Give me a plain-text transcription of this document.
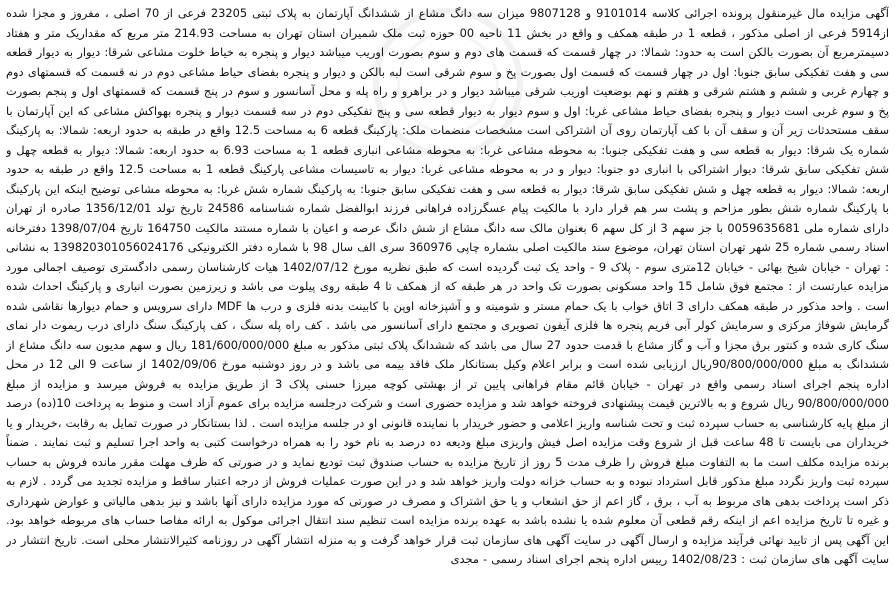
آگهی مزایده مال غیرمنقول پرونده اجرائی کلاسه 9101014 و 9807128 میزان سه دانگ مشاع از ششدانگ آپارتمان به پلاک ثبتی 23205 فرعی از 70 اصلی ، مفروز و مجزا شده از5914 فرعی از اصلی مذکور ، قطعه 1 در طبقه همکف و واقع در بخش 11 ناحیه 00 حوزه ثبت ملک شمیران استان تهران به مساحت 214.93 متر مربع که مقداریک متر و هفتاد دسیمترمربع آن بصورت بالکن است به حدود: شمالا: در چهار قسمت که قسمت های دوم و سوم بصورت اوریب میباشد دیوار و پنجره به خیاط خلوت مشاعی شرقا: دیوار به دیوار قطعه سی و هفت تفکیکی سابق جنوبا: اول در چهار قسمت که قسمت اول بصورت پخ و سوم شرقی است لبه بالکن و دیوار و پنجره بفضای حیاط مشاعی دوم در نه قسمت که قسمتهای دوم و چهارم غربی و ششم و هشتم شرقی و هفتم و نهم بوضعیت اوریب شرقی میباشد دیوار و در براهرو و راه پله و محل آسانسور و سوم در پنج قسمت که قسمتهای اول و پنجم بصورت پخ و سوم غربی است دیوار و پنجره بفضای حیاط مشاعی غربا: اول و سوم دیوار به دیوار قطعه سی و پنج تفکیکی دوم در سه قسمت دیوار و پنجره بهواکش مشاعی که این آپارتمان با سقف مستحدثات زیر آن و سقف آن با کف آپارتمان روی آن اشتراکی است مشخصات منضمات ملک: پارکینگ قطعه 6 به مساحت 12.5 واقع در طبقه به حدود اربعه: شمالا: به پارکینگ شماره یک شرقا: دیوار به قطعه سی و هفت تفکیکی جنوبا: به محوطه مشاعی غربا: به محوطه مشاعی انباری قطعه 1 به مساحت 6.93 به حدود اربعه: شمالا: دیوار به قطعه چهل و شش تفکیکی سابق شرقا: دیوار اشتراکی با انباری دو جنوبا: دیوار و در به محوطه مشاعی غربا: دیوار به تاسیسات مشاعی پارکینگ قطعه 1 به مساحت 12.5 واقع در طبقه به حدود اربعه: شمالا: دیوار به قطعه چهل و شش تفکیکی سابق شرقا: دیوار به قطعه سی و هفت تفکیکی سابق جنوبا: به پارکینگ شماره شش غربا: به محوطه مشاعی توضیح اینکه این پارکینگ با پارکینگ شماره شش بطور مزاحم و پشت سر هم قرار دارد با مالکیت پیام عسگرزاده فراهانی فرزند ابوالفضل شماره شناسنامه 24586 تاریخ تولد 1356/12/01 صادره از تهران دارای شماره ملی 0059635681 با جز سهم 3 از کل سهم 6 بعنوان مالک سه دانگ مشاع از شش دانگ عرصه و اعیان با شماره مستند مالکیت 164750 تاریخ 1398/07/04 دفترخانه اسناد رسمی شماره 25 شهر تهران استان تهران، موضوع سند مالکیت اصلی بشماره چاپی 360976 سری الف سال 98 با شماره دفتر الکترونیکی 139820301056024176 به نشانی : تهران - خیابان شیخ بهائی - خیابان 12متری سوم - پلاک 9 - واحد یک ثبت گردیده است که طبق نظریه مورخ 1402/07/12 هیات کارشناسان رسمی دادگستری توصیف اجمالی مورد مزایده عبارتست از : مجتمع فوق شامل 15 واحد مسکونی بصورت تک واحد در هر طبقه که از همکف تا 4 طبقه روی پیلوت می باشد و زیرزمین بصورت انباری و پارکینگ احداث شده است . واحد مذکور در طبقه همکف دارای 3 اتاق خواب با یک حمام مستر و شومینه و و آشپزخانه اوپن با کابینت بدنه فلزی و درب ها MDF دارای سرویس و حمام دیوارها نقاشی شده گرمایش شوفاژ مرکزی و سرمایش کولر آبی فریم پنجره ها فلزی آیفون تصویری و مجتمع دارای آسانسور می باشد . کف راه پله سنگ ، کف پارکینگ سنگ دارای درب ریموت دار نمای سنگ کاری شده و کنتور برق مجزا و آب و گاز مشاع با قدمت حدود 27 سال می باشد که ششدانگ پلاک ثبتی مذکور به مبلغ 181/600/000/000 ریال و سهم مدیون سه دانگ مشاع از ششدانگ به مبلغ 90/800/000/000ریال ارزیابی شده است و برابر اعلام وکیل بستانکار ملک فاقد بیمه می باشد و در روز دوشنبه مورخ 1402/09/06 از ساعت 9 الی 12 در محل اداره پنجم اجرای اسناد رسمی واقع در تهران - خیابان قائم مقام فراهانی پایین تر از بهشتی کوچه میرزا حسنی پلاک 3 از طریق مزایده به فروش میرسد و مزایده از مبلغ 90/800/000/000 ریال شروع و به بالاترین قیمت پیشنهادی فروخته خواهد شد و مزایده حضوری است و شرکت درجلسه مزایده برای عموم آزاد است و منوط به پرداخت 10(ده) درصد از مبلغ پایه کارشناسی به حساب سپرده ثبت و تحت شناسه واریز اعلامی و حضور خریدار با نمایندە قانونی او در جلسه مزایده است . لذا بستانکار در صورت تمایل به رقابت ،خریدار و یا خریداران می بایست تا 48 ساعت قبل از شروع وقت مزایده اصل فیش واریزی مبلغ ودیعه ده درصد به نام خود را به همراه درخواست کتبی به واحد اجرا تسلیم و ثبت نمایند . ضمناً برنده مزایده مکلف است ما به التفاوت مبلغ فروش را ظرف مدت 5 روز از تاریخ مزایده به حساب صندوق ثبت تودیع نماید و در صورتی که ظرف مهلت مقرر مانده فروش به حساب سپرده ثبت واریز نگردد مبلغ مذکور قابل استرداد نبوده و به حساب خزانه دولت واریز خواهد شد و در این صورت عملیات فروش از درجه اعتبار ساقط و مزایده تجدید می گردد . لازم به ذکر است پرداخت بدهی های مربوط به آب ، برق ، گاز اعم از حق انشعاب و یا حق اشتراک و مصرف در صورتی که مورد مزایده دارای آنها باشد و نیز بدهی مالیاتی و عوارض شهرداری و غیره تا تاریخ مزایده اعم از اینکه رقم قطعی آن معلوم شده یا نشده باشد به عهده برنده مزایده است تنظیم سند انتقال اجرائی موکول به ارائه مفاصا حساب های مربوطه خواهد بود. این آگهی پس از تایید نهائی فرآیند مزایده و ارسال آگهی در سایت آگهی های سازمان ثبت قرار خواهد گرفت و به منزله انتشار آگهی در روزنامه کثیرالانتشار محلی است. تاریخ انتشار در سایت آگهی های سازمان ثبت : 1402/08/23 رییس اداره پنجم اجرای اسناد رسمی - مجدی
